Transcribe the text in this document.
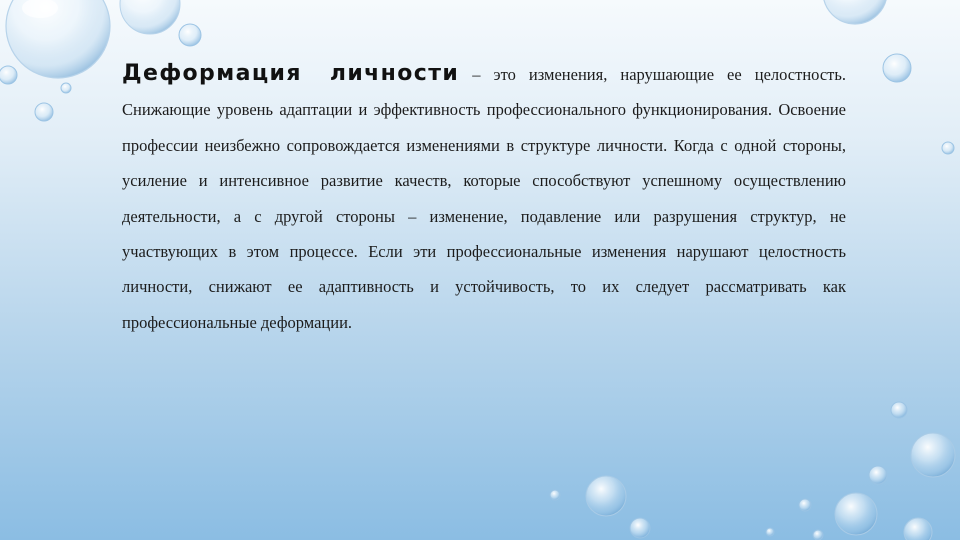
Деформация личности – это изменения, нарушающие ее целостность. Снижающие уровень адаптации и эффективность профессионального функционирования. Освоение профессии неизбежно сопровождается изменениями в структуре личности. Когда с одной стороны, усиление и интенсивное развитие качеств, которые способствуют успешному осуществлению деятельности, а с другой стороны – изменение, подавление или разрушения структур, не участвующих в этом процессе. Если эти профессиональные изменения нарушают целостность личности, снижают ее адаптивность и устойчивость, то их следует рассматривать как профессиональные деформации.
